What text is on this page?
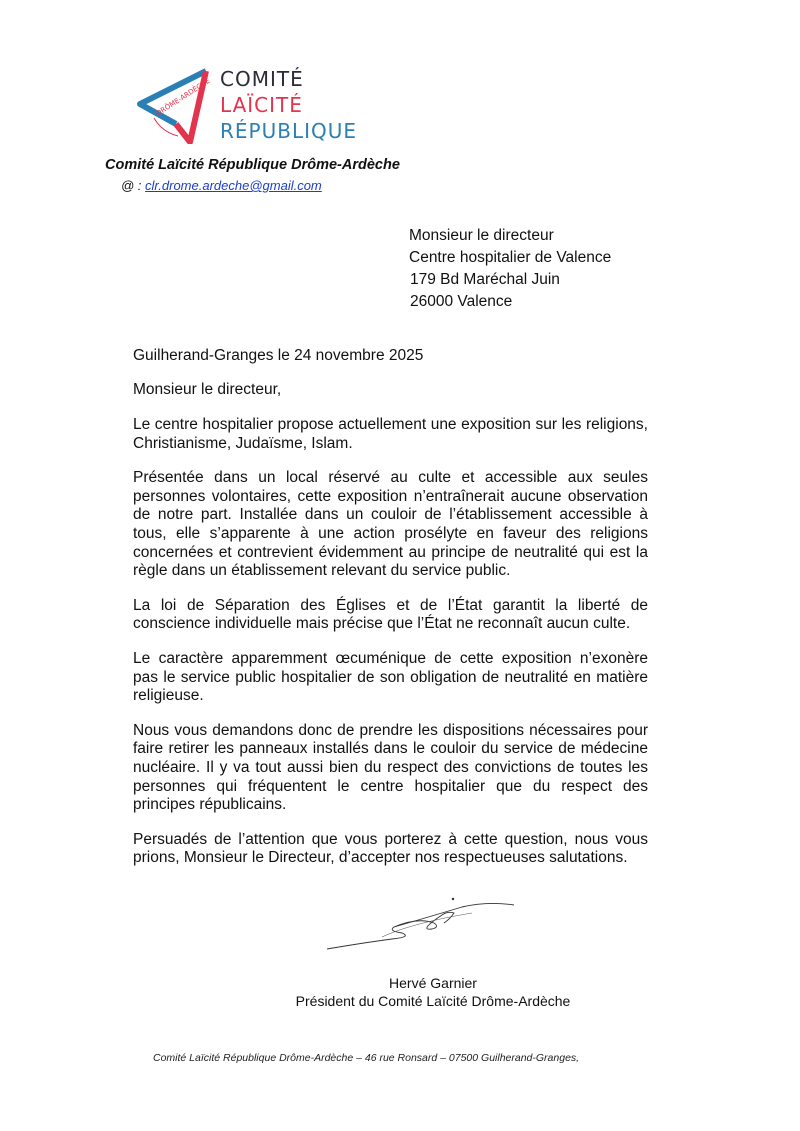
DRÔME-ARDÈCHE COMITÉ
LAÏCITÉ
RÉPUBLIQUE
Comité Laïcité République Drôme-Ardèche
@ : clr.drome.ardeche@gmail.com
Monsieur le directeur
Centre hospitalier de Valence
179 Bd Maréchal Juin
26000 Valence
Guilherand-Granges le 24 novembre 2025
Monsieur le directeur,

Le centre hospitalier propose actuellement une exposition sur les religions, Christianisme, Judaïsme, Islam.

Présentée dans un local réservé au culte et accessible aux seules personnes volontaires, cette exposition n’entraînerait aucune observation de notre part. Installée dans un couloir de l’établissement accessible à tous, elle s’apparente à une action prosélyte en faveur des religions concernées et contrevient évidemment au principe de neutralité qui est la règle dans un établissement relevant du service public.

La loi de Séparation des Églises et de l’État garantit la liberté de conscience individuelle mais précise que l’État ne reconnaît aucun culte.

Le caractère apparemment œcuménique de cette exposition n’exonère pas le service public hospitalier de son obligation de neutralité en matière religieuse.

Nous vous demandons donc de prendre les dispositions nécessaires pour faire retirer les panneaux installés dans le couloir du service de médecine nucléaire. Il y va tout aussi bien du respect des convictions de toutes les personnes qui fréquentent le centre hospitalier que du respect des principes républicains.

Persuadés de l’attention que vous porterez à cette question, nous vous prions, Monsieur le Directeur, d’accepter nos respectueuses salutations.

Hervé Garnier
Président du Comité Laïcité Drôme-Ardèche
Comité Laïcité République Drôme-Ardèche – 46 rue Ronsard – 07500 Guilherand-Granges,
